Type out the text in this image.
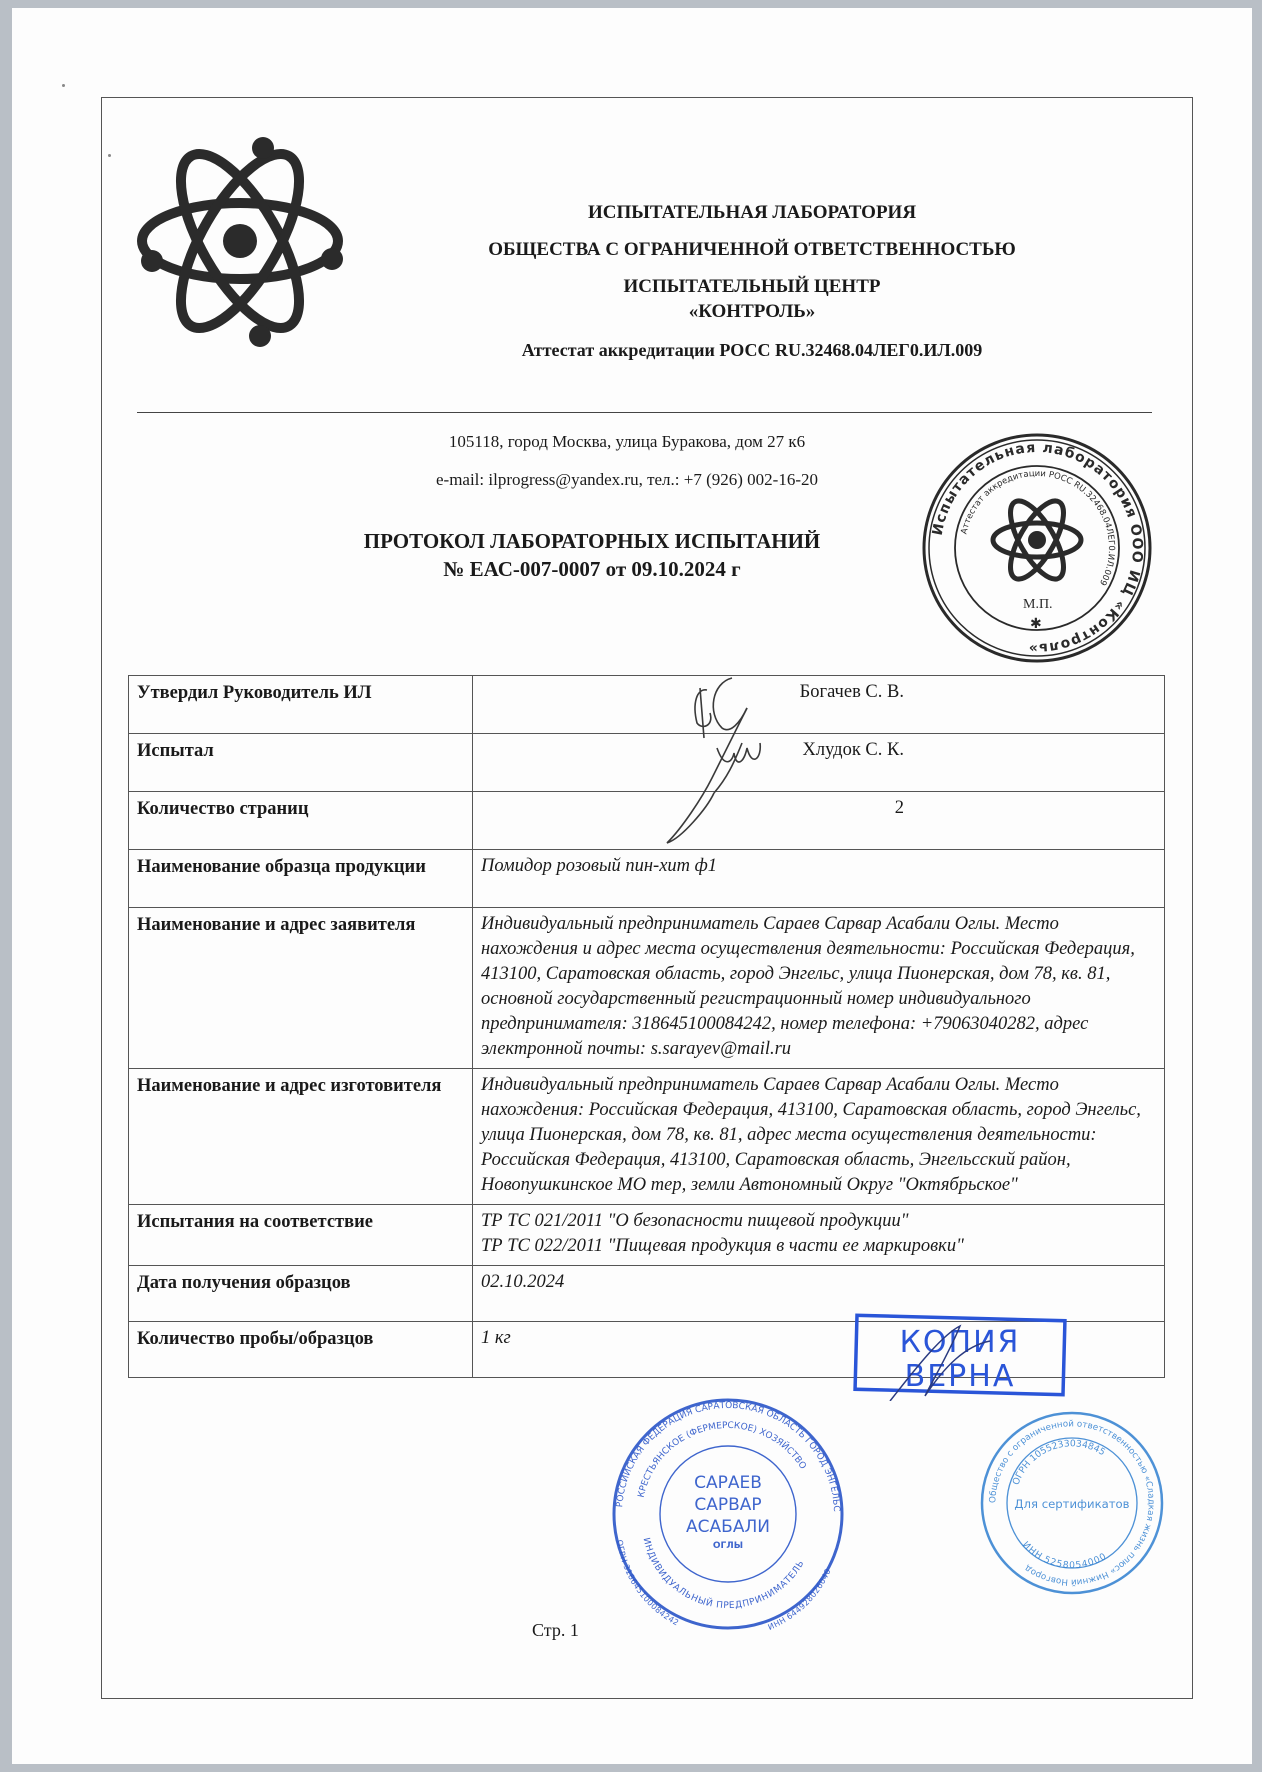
ИСПЫТАТЕЛЬНАЯ ЛАБОРАТОРИЯ
ОБЩЕСТВА С ОГРАНИЧЕННОЙ ОТВЕТСТВЕННОСТЬЮ
ИСПЫТАТЕЛЬНЫЙ ЦЕНТР
«КОНТРОЛЬ»
Аттестат аккредитации РОСС RU.32468.04ЛЕГ0.ИЛ.009
105118, город Москва, улица Буракова, дом 27 к6
e-mail: ilprogress@yandex.ru, тел.: +7 (926) 002-16-20
ПРОТОКОЛ ЛАБОРАТОРНЫХ ИСПЫТАНИЙ
№ ЕАС-007-0007 от 09.10.2024 г
Утвердил Руководитель ИЛ	Богачев С. В.
Испытал	Хлудок С. К.
Количество страниц	2
Наименование образца продукции	Помидор розовый пин-хит ф1
Наименование и адрес заявителя	Индивидуальный предприниматель Сараев Сарвар Асабали Оглы. Место нахождения и адрес места осуществления деятельности: Российская Федерация, 413100, Саратовская область, город Энгельс, улица Пионерская, дом 78, кв. 81, основной государственный регистрационный номер индивидуального предпринимателя: 318645100084242, номер телефона: +79063040282, адрес электронной почты: s.sarayev@mail.ru
Наименование и адрес изготовителя	Индивидуальный предприниматель Сараев Сарвар Асабали Оглы. Место нахождения: Российская Федерация, 413100, Саратовская область, город Энгельс, улица Пионерская, дом 78, кв. 81, адрес места осуществления деятельности: Российская Федерация, 413100, Саратовская область, Энгельсский район, Новопушкинское МО тер, земли Автономный Округ "Октябрьское"
Испытания на соответствие	ТР ТС 021/2011 "О безопасности пищевой продукции"
ТР ТС 022/2011 "Пищевая продукция в части ее маркировки"

Дата получения образцов	02.10.2024
Количество пробы/образцов	1 кг
Испытательная лаборатория ООО ИЦ «Контроль»
Аттестат аккредитации РОСС RU.32468.04ЛЕГ0.ИЛ.009
М.П.
✱
Общество с ограниченной ответственностью «Сладкая жизнь плюс» Нижний Новгород
ОГРН 1055233034845
ИНН 5258054000
Для сертификатов
РОССИЙСКАЯ ФЕДЕРАЦИЯ САРАТОВСКАЯ ОБЛАСТЬ ГОРОД ЭНГЕЛЬС
КРЕСТЬЯНСКОЕ (ФЕРМЕРСКОЕ) ХОЗЯЙСТВО
ИНДИВИДУАЛЬНЫЙ ПРЕДПРИНИМАТЕЛЬ
ОГРН 318645100084242	ИНН 644928026040
САРАЕВ
САРВАР
АСАБАЛИ
ОГЛЫ
КОПИЯ
ВЕРНА
Стр. 1
